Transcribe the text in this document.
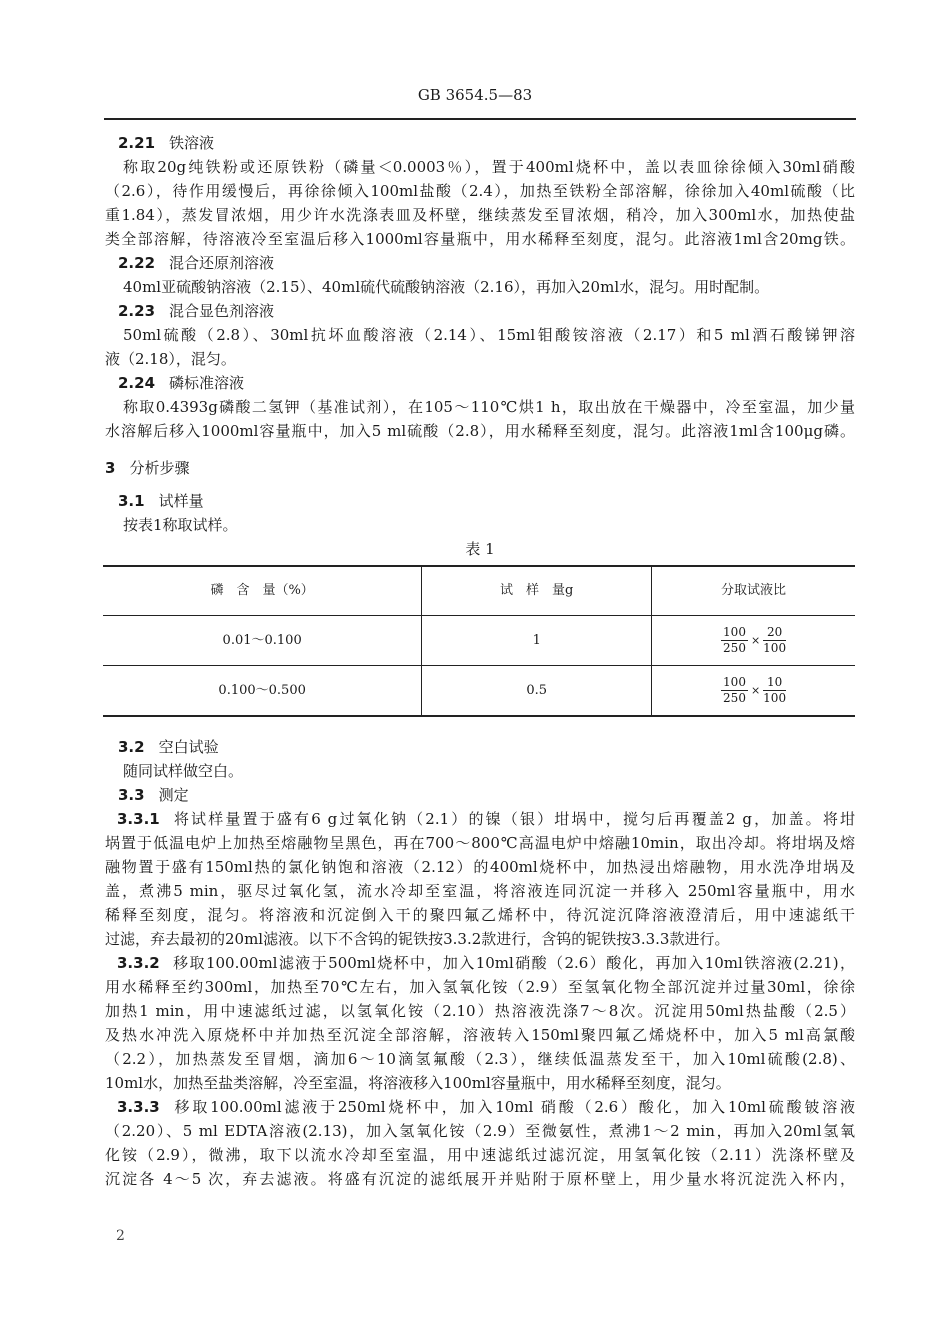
GB 3654.5—83
2.21 铁溶液
称取20g纯铁粉或还原铁粉（磷量＜0.0003％），置于400ml烧杯中，盖以表皿徐徐倾入30ml硝酸
（2.6），待作用缓慢后，再徐徐倾入100ml盐酸（2.4），加热至铁粉全部溶解，徐徐加入40ml硫酸（比
重1.84），蒸发冒浓烟，用少许水洗涤表皿及杯壁，继续蒸发至冒浓烟，稍冷，加入300ml水，加热使盐
类全部溶解，待溶液冷至室温后移入1000ml容量瓶中，用水稀释至刻度，混匀。此溶液1ml含20mg铁。
2.22 混合还原剂溶液
40ml亚硫酸钠溶液（2.15）、40ml硫代硫酸钠溶液（2.16），再加入20ml水，混匀。用时配制。
2.23 混合显色剂溶液
50ml硫酸（2.8）、30ml抗坏血酸溶液（2.14）、15ml钼酸铵溶液（2.17）和5 ml酒石酸锑钾溶
液（2.18），混匀。
2.24 磷标准溶液
称取0.4393g磷酸二氢钾（基准试剂），在105～110℃烘1 h，取出放在干燥器中，冷至室温，加少量
水溶解后移入1000ml容量瓶中，加入5 ml硫酸（2.8），用水稀释至刻度，混匀。此溶液1ml含100μg磷。
3 分析步骤
3.1 试样量
按表1称取试样。
表 1
磷　含　量（%）	试　样　量g	分取试液比
0.01～0.100	1	$\frac{100}{250} \times \frac{20}{100}$

0.100～0.500	0.5	$\frac{100}{250} \times \frac{10}{100}$
3.2 空白试验
随同试样做空白。
3.3 测定
3.3.1 将试样量置于盛有6 g过氧化钠（2.1）的镍（银）坩埚中，搅匀后再覆盖2 g，加盖。将坩
埚置于低温电炉上加热至熔融物呈黑色，再在700～800℃高温电炉中熔融10min，取出冷却。将坩埚及熔
融物置于盛有150ml热的氯化钠饱和溶液（2.12）的400ml烧杯中，加热浸出熔融物，用水洗净坩埚及
盖，煮沸5 min，驱尽过氧化氢，流水冷却至室温，将溶液连同沉淀一并移入 250ml容量瓶中，用水
稀释至刻度，混匀。将溶液和沉淀倒入干的聚四氟乙烯杯中，待沉淀沉降溶液澄清后，用中速滤纸干
过滤，弃去最初的20ml滤液。以下不含钨的铌铁按3.3.2款进行，含钨的铌铁按3.3.3款进行。
3.3.2 移取100.00ml滤液于500ml烧杯中，加入10ml硝酸（2.6）酸化，再加入10ml铁溶液(2.21)，
用水稀释至约300ml，加热至70℃左右，加入氢氧化铵（2.9）至氢氧化物全部沉淀并过量30ml，徐徐
加热1 min，用中速滤纸过滤，以氢氧化铵（2.10）热溶液洗涤7～8次。沉淀用50ml热盐酸（2.5）
及热水冲洗入原烧杯中并加热至沉淀全部溶解，溶液转入150ml聚四氟乙烯烧杯中，加入5 ml高氯酸
（2.2），加热蒸发至冒烟，滴加6～10滴氢氟酸（2.3），继续低温蒸发至干，加入10ml硫酸(2.8)、
10ml水，加热至盐类溶解，冷至室温，将溶液移入100ml容量瓶中，用水稀释至刻度，混匀。
3.3.3 移取100.00ml滤液于250ml烧杯中，加入10ml 硝酸（2.6）酸化，加入10ml硫酸铍溶液
（2.20）、5 ml EDTA溶液(2.13)，加入氢氧化铵（2.9）至微氨性，煮沸1～2 min，再加入20ml氢氧
化铵（2.9），微沸，取下以流水冷却至室温，用中速滤纸过滤沉淀，用氢氧化铵（2.11）洗涤杯壁及
沉淀各 4～5 次，弃去滤液。将盛有沉淀的滤纸展开并贴附于原杯壁上，用少量水将沉淀洗入杯内，
2
